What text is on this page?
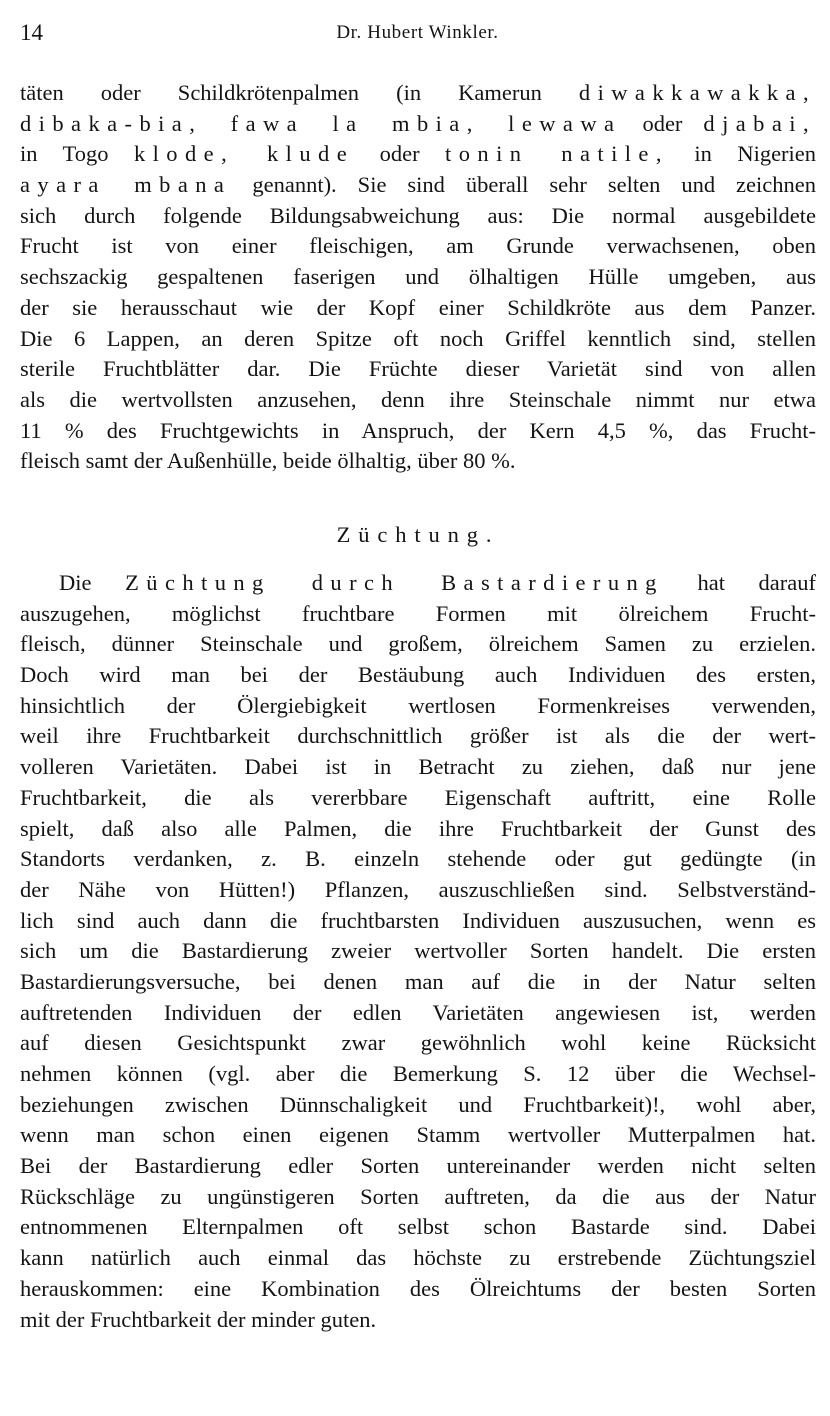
14	Dr. Hubert Winkler.
täten oder Schildkrötenpalmen (in Kamerun diwakkawakka,
dibaka-bia, fawa la mbia, lewawa oder djabai,
in Togo klode, klude oder tonin natile, in Nigerien
ayara mbana genannt). Sie sind überall sehr selten und zeichnen
sich durch folgende Bildungsabweichung aus: Die normal ausgebildete
Frucht ist von einer fleischigen, am Grunde verwachsenen, oben
sechszackig gespaltenen faserigen und ölhaltigen Hülle umgeben, aus
der sie herausschaut wie der Kopf einer Schildkröte aus dem Panzer.
Die 6 Lappen, an deren Spitze oft noch Griffel kenntlich sind, stellen
sterile Fruchtblätter dar. Die Früchte dieser Varietät sind von allen
als die wertvollsten anzusehen, denn ihre Steinschale nimmt nur etwa
11 % des Fruchtgewichts in Anspruch, der Kern 4,5 %, das Frucht-
fleisch samt der Außenhülle, beide ölhaltig, über 80 %.
Züchtung.
Die Züchtung durch Bastardierung hat darauf
auszugehen, möglichst fruchtbare Formen mit ölreichem Frucht-
fleisch, dünner Steinschale und großem, ölreichem Samen zu erzielen.
Doch wird man bei der Bestäubung auch Individuen des ersten,
hinsichtlich der Ölergiebigkeit wertlosen Formenkreises verwenden,
weil ihre Fruchtbarkeit durchschnittlich größer ist als die der wert-
volleren Varietäten. Dabei ist in Betracht zu ziehen, daß nur jene
Fruchtbarkeit, die als vererbbare Eigenschaft auftritt, eine Rolle
spielt, daß also alle Palmen, die ihre Fruchtbarkeit der Gunst des
Standorts verdanken, z. B. einzeln stehende oder gut gedüngte (in
der Nähe von Hütten!) Pflanzen, auszuschließen sind. Selbstverständ-
lich sind auch dann die fruchtbarsten Individuen auszusuchen, wenn es
sich um die Bastardierung zweier wertvoller Sorten handelt. Die ersten
Bastardierungsversuche, bei denen man auf die in der Natur selten
auftretenden Individuen der edlen Varietäten angewiesen ist, werden
auf diesen Gesichtspunkt zwar gewöhnlich wohl keine Rücksicht
nehmen können (vgl. aber die Bemerkung S. 12 über die Wechsel-
beziehungen zwischen Dünnschaligkeit und Fruchtbarkeit)!, wohl aber,
wenn man schon einen eigenen Stamm wertvoller Mutterpalmen hat.
Bei der Bastardierung edler Sorten untereinander werden nicht selten
Rückschläge zu ungünstigeren Sorten auftreten, da die aus der Natur
entnommenen Elternpalmen oft selbst schon Bastarde sind. Dabei
kann natürlich auch einmal das höchste zu erstrebende Züchtungsziel
herauskommen: eine Kombination des Ölreichtums der besten Sorten
mit der Fruchtbarkeit der minder guten.
